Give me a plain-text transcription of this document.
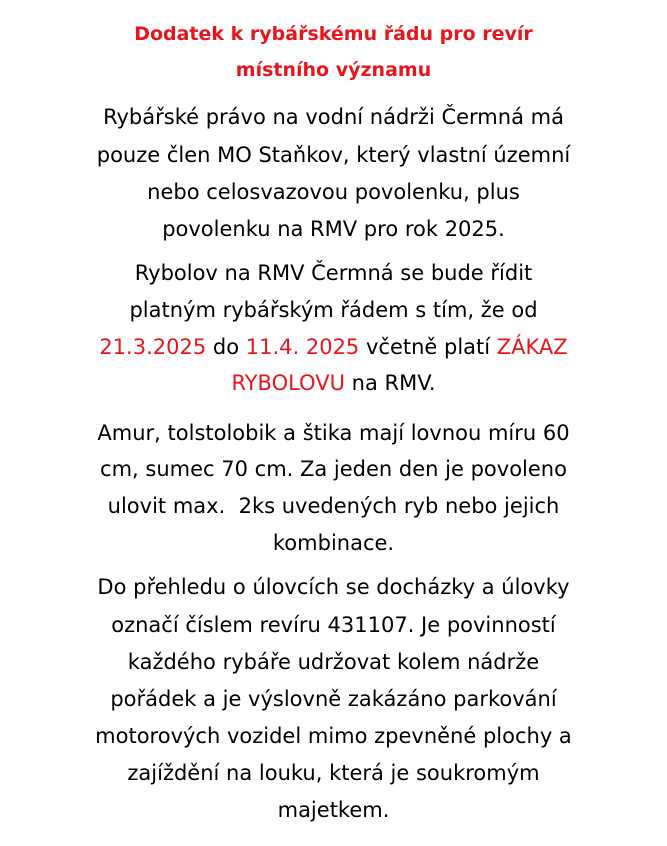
Dodatek k rybářskému řádu pro revír
místního významu
Rybářské právo na vodní nádrži Čermná má
pouze člen MO Staňkov, který vlastní územní
nebo celosvazovou povolenku, plus
povolenku na RMV pro rok 2025.
Rybolov na RMV Čermná se bude řídit
platným rybářským řádem s tím, že od
21.3.2025 do 11.4. 2025 včetně platí ZÁKAZ
RYBOLOVU na RMV.
Amur, tolstolobik a štika mají lovnou míru 60
cm, sumec 70 cm. Za jeden den je povoleno
ulovit max.  2ks uvedených ryb nebo jejich
kombinace.
Do přehledu o úlovcích se docházky a úlovky
označí číslem revíru 431107. Je povinností
každého rybáře udržovat kolem nádrže
pořádek a je výslovně zakázáno parkování
motorových vozidel mimo zpevněné plochy a
zajíždění na louku, která je soukromým
majetkem.
